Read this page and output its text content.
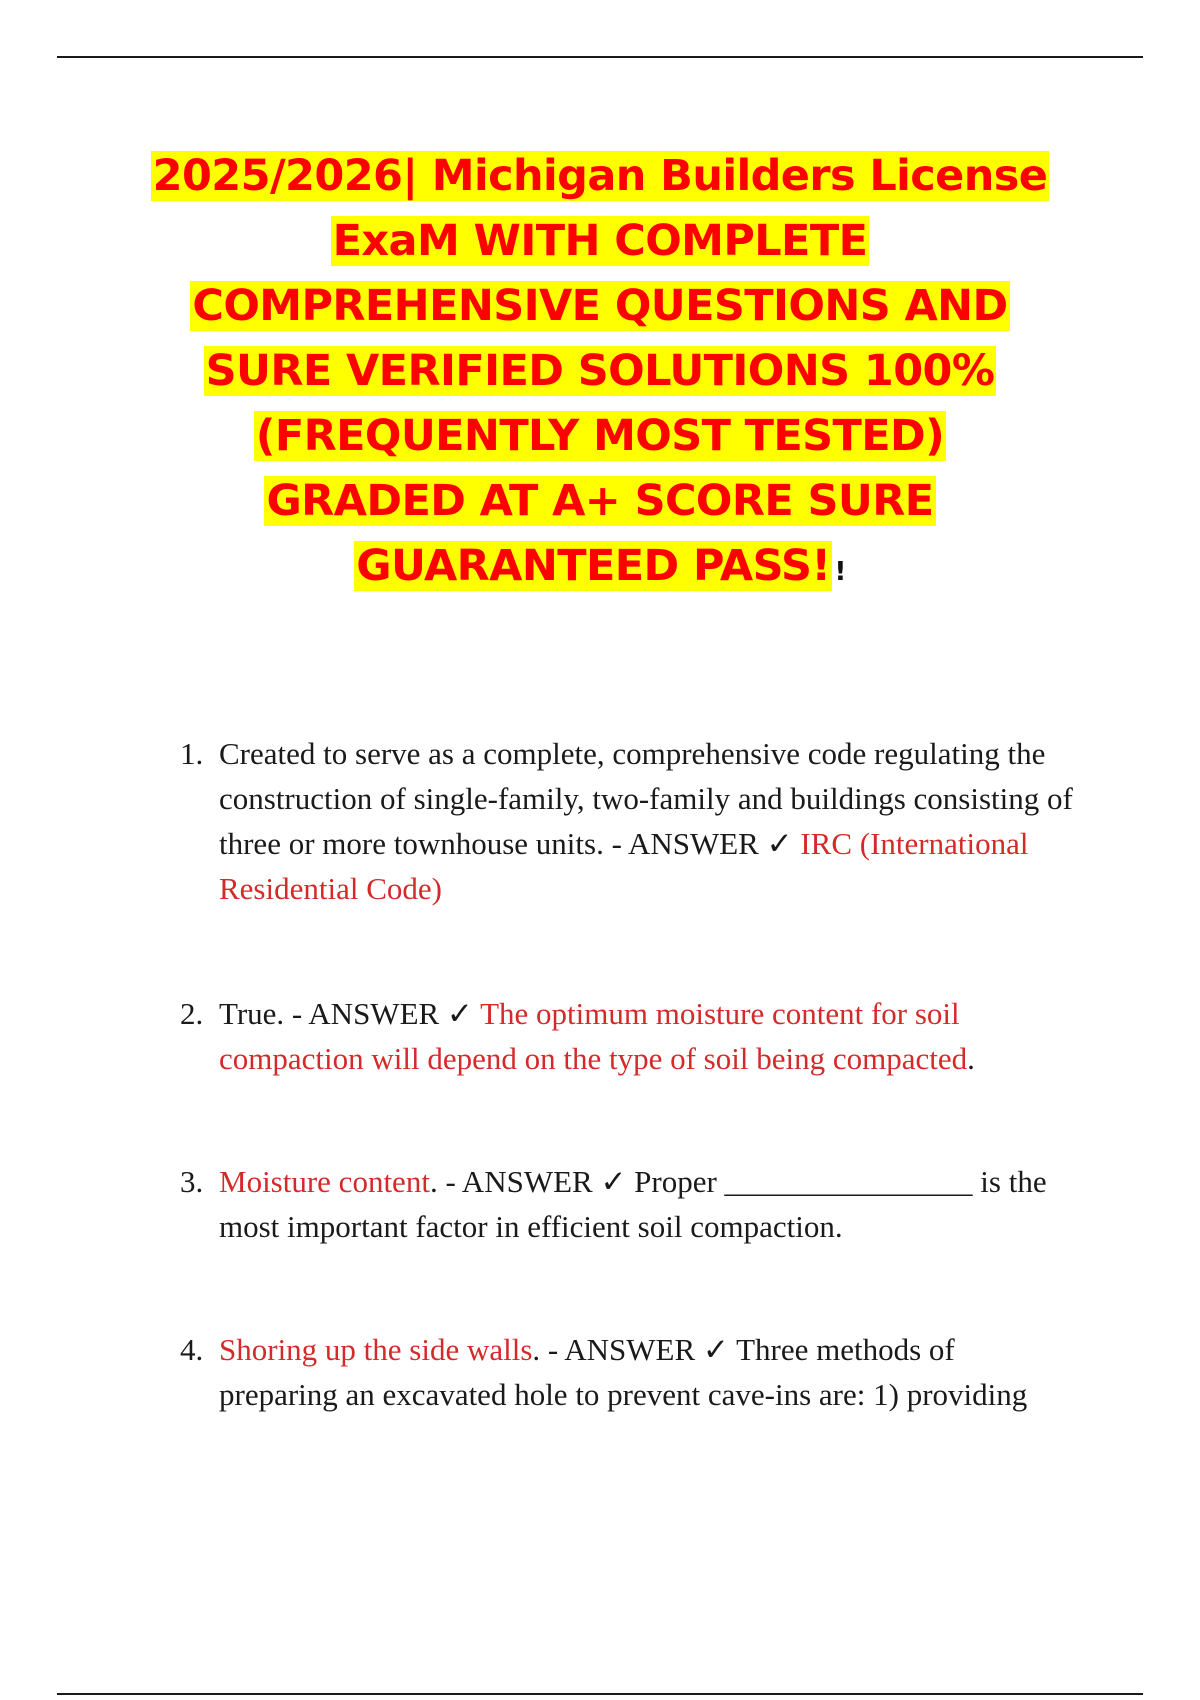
2025/2026| Michigan Builders License
ExaM WITH COMPLETE
COMPREHENSIVE QUESTIONS AND
SURE VERIFIED SOLUTIONS 100%
(FREQUENTLY MOST TESTED)
GRADED AT A+ SCORE SURE
GUARANTEED PASS! !
1. Created to serve as a complete, comprehensive code regulating the construction of single-family, two-family and buildings consisting of three or more townhouse units. - ANSWER ✓ IRC (International Residential Code)
2. True. - ANSWER ✓ The optimum moisture content for soil compaction will depend on the type of soil being compacted.
3. Moisture content. - ANSWER ✓ Proper ________________ is the most important factor in efficient soil compaction.
4. Shoring up the side walls. - ANSWER ✓ Three methods of preparing an excavated hole to prevent cave-ins are: 1) providing
